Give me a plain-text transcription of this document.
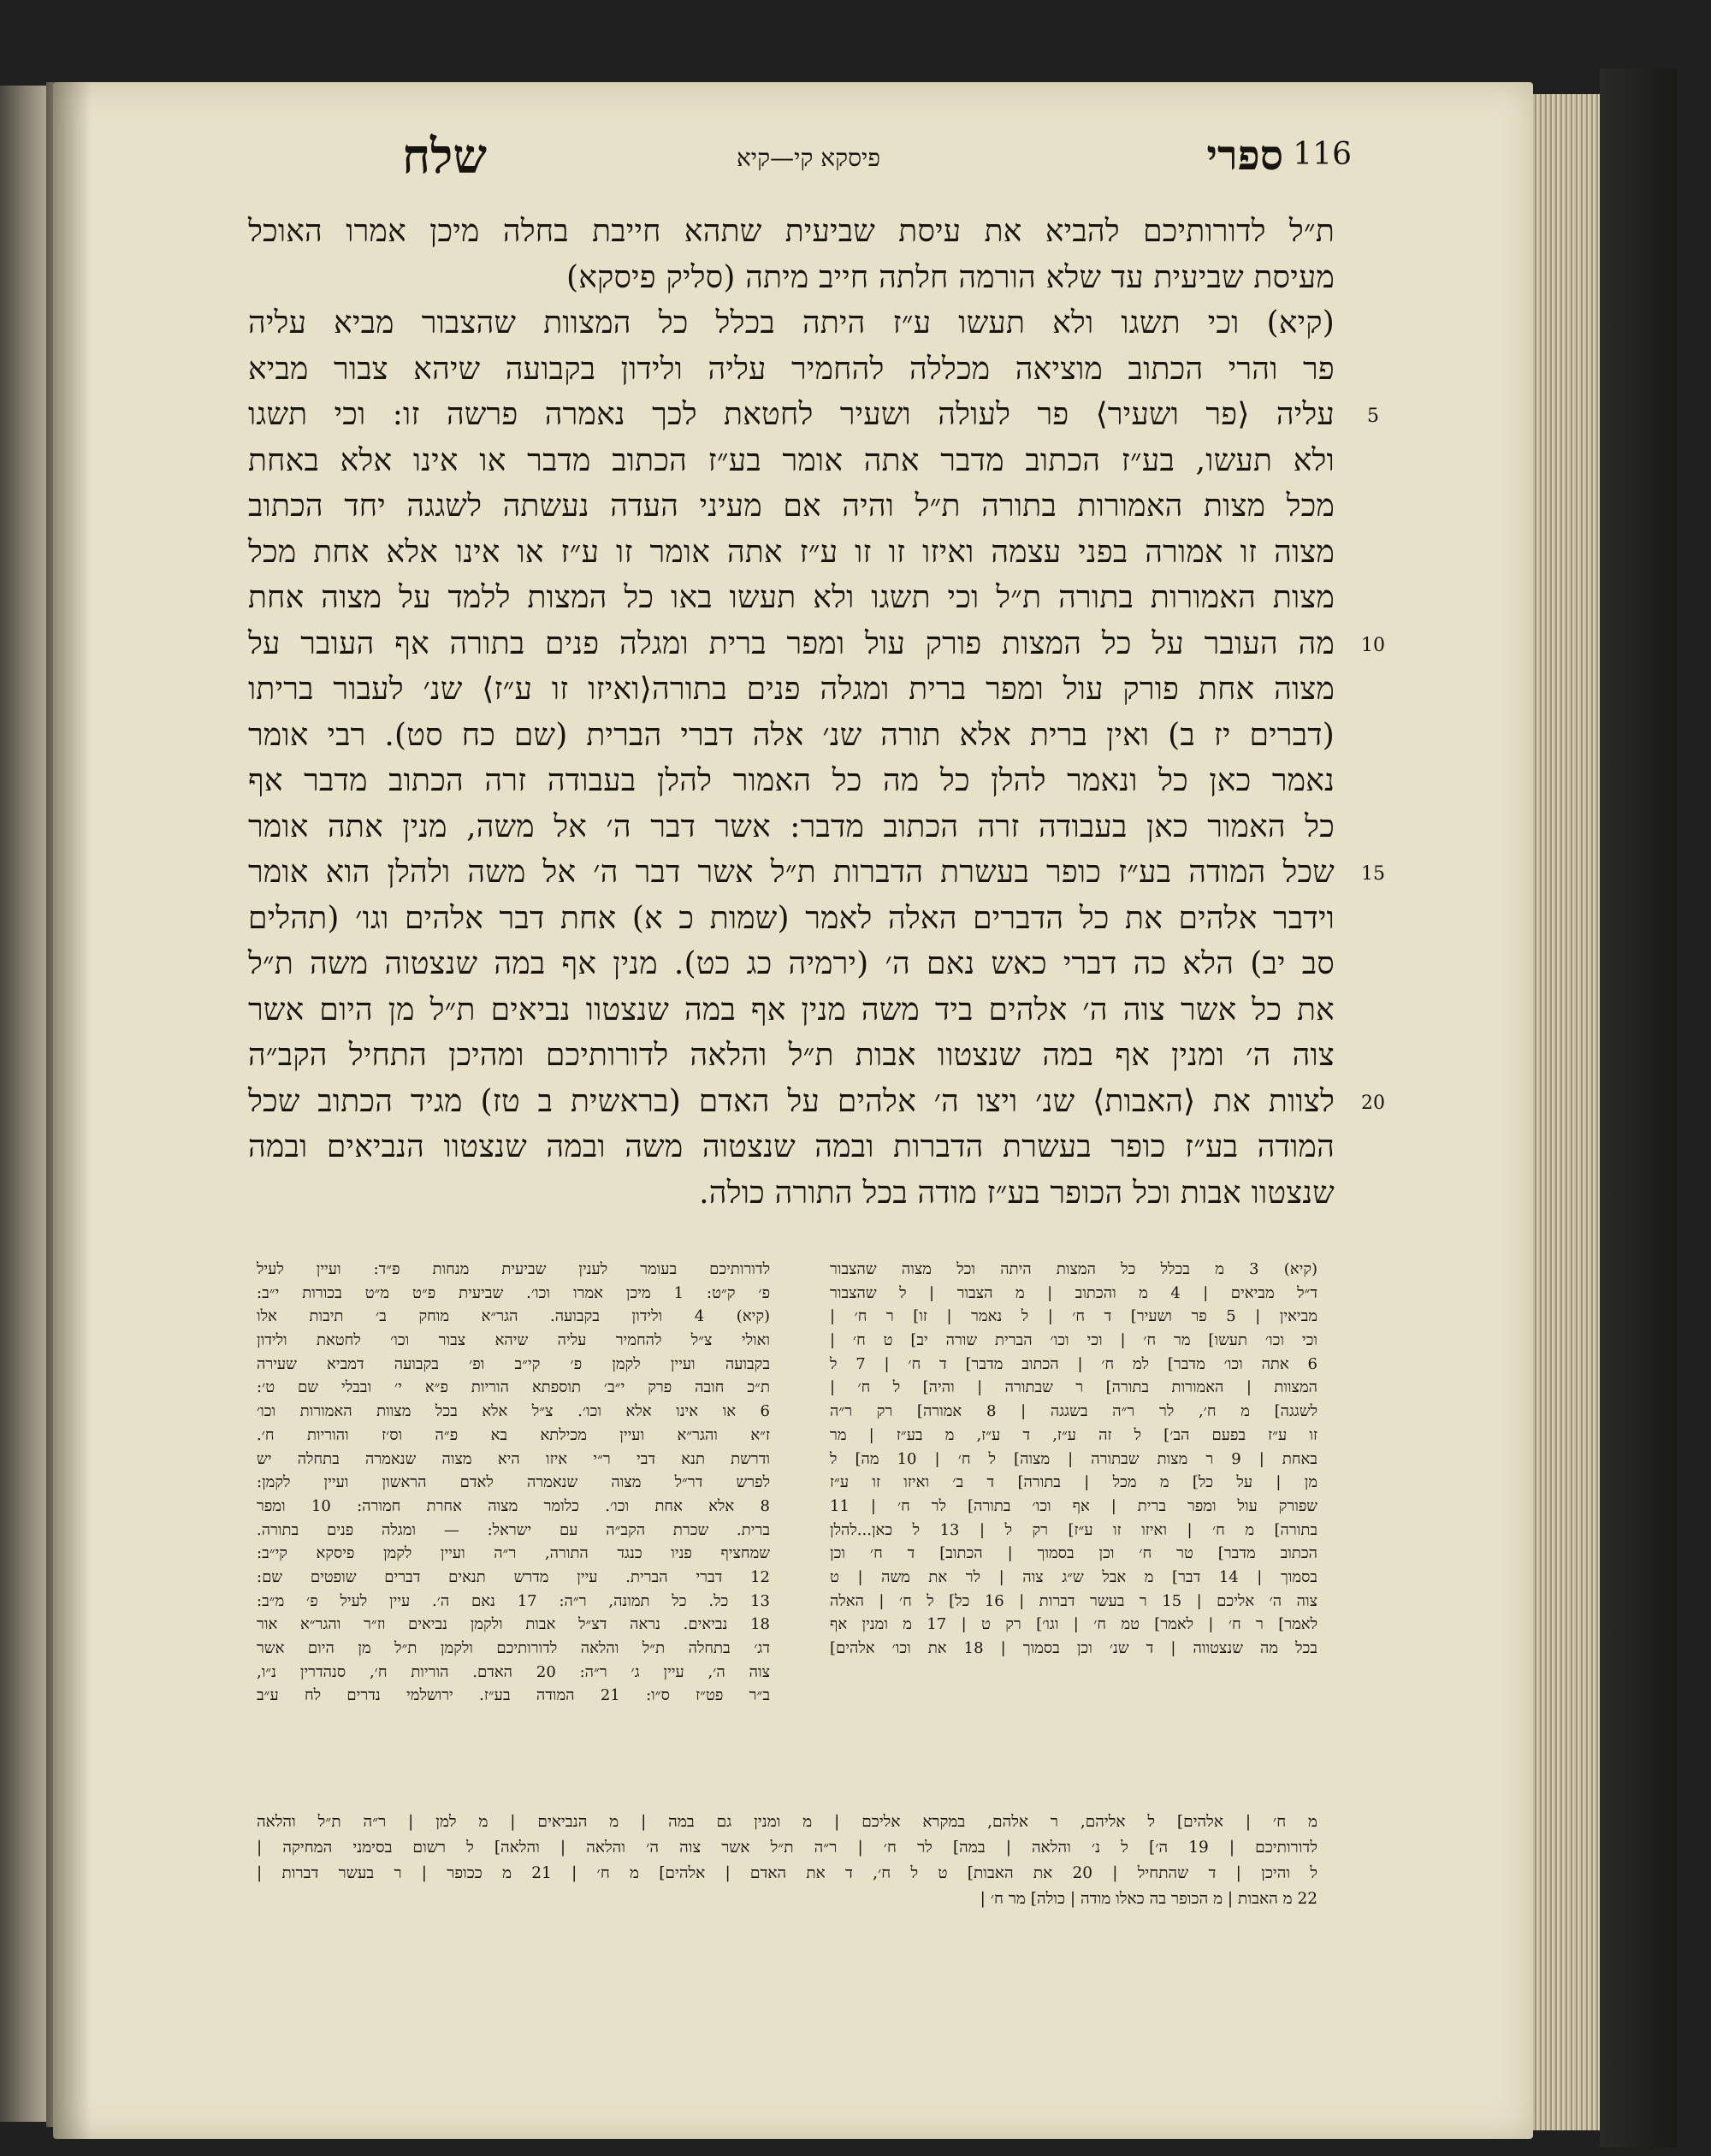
שלח	פיסקא קי—קיא	ספרי 116
ת״ל לדורותיכם להביא את עיסת שביעית שתהא חייבת בחלה מיכן אמרו האוכל
מעיסת שביעית עד שלא הורמה חלתה חייב מיתה (סליק פיסקא)
(קיא) וכי תשגו ולא תעשו ע״ז היתה בכלל כל המצוות שהצבור מביא עליה
פר והרי הכתוב מוציאה מכללה להחמיר עליה ולידון בקבועה שיהא צבור מביא
עליה ⟨פר ושעיר⟩ פר לעולה ושעיר לחטאת לכך נאמרה פרשה זו: וכי תשגו
ולא תעשו, בע״ז הכתוב מדבר אתה אומר בע״ז הכתוב מדבר או אינו אלא באחת
מכל מצות האמורות בתורה ת״ל והיה אם מעיני העדה נעשתה לשגגה יחד הכתוב
מצוה זו אמורה בפני עצמה ואיזו זו זו ע״ז אתה אומר זו ע״ז או אינו אלא אחת מכל
מצות האמורות בתורה ת״ל וכי תשגו ולא תעשו באו כל המצות ללמד על מצוה אחת
מה העובר על כל המצות פורק עול ומפר ברית ומגלה פנים בתורה אף העובר על
מצוה אחת פורק עול ומפר ברית ומגלה פנים בתורה⟨ואיזו זו ע״ז⟩ שנ׳ לעבור בריתו
(דברים יז ב) ואין ברית אלא תורה שנ׳ אלה דברי הברית (שם כח סט). רבי אומר
נאמר כאן כל ונאמר להלן כל מה כל האמור להלן בעבודה זרה הכתוב מדבר אף
כל האמור כאן בעבודה זרה הכתוב מדבר: אשר דבר ה׳ אל משה, מנין אתה אומר
שכל המודה בע״ז כופר בעשרת הדברות ת״ל אשר דבר ה׳ אל משה ולהלן הוא אומר
וידבר אלהים את כל הדברים האלה לאמר (שמות כ א) אחת דבר אלהים וגו׳ (תהלים
סב יב) הלא כה דברי כאש נאם ה׳ (ירמיה כג כט). מנין אף במה שנצטוה משה ת״ל
את כל אשר צוה ה׳ אלהים ביד משה מנין אף במה שנצטוו נביאים ת״ל מן היום אשר
צוה ה׳ ומנין אף במה שנצטוו אבות ת״ל והלאה לדורותיכם ומהיכן התחיל הקב״ה
לצוות את ⟨האבות⟩ שנ׳ ויצו ה׳ אלהים על האדם (בראשית ב טז) מגיד הכתוב שכל
המודה בע״ז כופר בעשרת הדברות ובמה שנצטוה משה ובמה שנצטוו הנביאים ובמה
שנצטוו אבות וכל הכופר בע״ז מודה בכל התורה כולה.
5
10
15
20
לדורותיכם בעומר לענין שביעית מנחות פ״ד: ועיין לעיל
פ׳ ק״ט: 1 מיכן אמרו וכו׳. שביעית פ״ט מ״ט בכורות י״ב:
(קיא) 4 ולידון בקבועה. הגר״א מוחק ב׳ תיבות אלו
ואולי צ״ל להחמיר עליה שיהא צבור וכו׳ לחטאת ולידון
בקבועה ועיין לקמן פ׳ קי״ב ופ׳ בקבועה דמביא שעירה
ת״כ חובה פרק י״ב׳ תוספתא הוריות פ״א י׳ ובבלי שם ט׳:
6 או אינו אלא וכו׳. צ״ל אלא בכל מצוות האמורות וכו׳
ז״א והגר״א ועיין מכילתא בא פ״ה וס׳ז והוריות ח׳.
ודרשת תנא דבי ר״י איזו היא מצוה שנאמרה בתחלה יש
לפרש דר״ל מצוה שנאמרה לאדם הראשון ועיין לקמן:
8 אלא אחת וכו׳. כלומר מצוה אחרת חמורה: 10 ומפר
ברית. שכרת הקב״ה עם ישראל: — ומגלה פנים בתורה.
שמחציף פניו כנגד התורה, ר״ה ועיין לקמן פיסקא קי״ב:
12 דברי הברית. עיין מדרש תנאים דברים שופטים שם:
13 כל. כל תמונה, ר״ה: 17 נאם ה׳. עיין לעיל פ׳ מ״ב:
18 נביאים. נראה דצ״ל אבות ולקמן נביאים וז״ר והגר״א אור
דג׳ בתחלה ת״ל והלאה לדורותיכם ולקמן ת״ל מן היום אשר
צוה ה׳, עיין ג׳ ר״ה: 20 האדם. הוריות ח׳, סנהדרין נ״ו,
ב״ר פט״ז ס״ו: 21 המודה בע״ז. ירושלמי נדרים לח ע״ב
(קיא) 3 מ בכלל כל המצות היתה וכל מצוה שהצבור
ד״ל מביאים | 4 מ והכתוב | מ הצבור | ל שהצבור
מביאין | 5 פר ושעיר] ד ח׳ | ל נאמר | זו] ר ח׳ |
וכי וכו׳ תעשו] מר ח׳ | וכי וכו׳ הברית שורה יב] ט ח׳ |
6 אתה וכו׳ מדבר] למ ח׳ | הכתוב מדבר] ד ח׳ | 7 ל
המצוות | האמורות בתורה] ר שבתורה | והיה] ל ח׳ |
לשגגה] מ ח׳, לר ר״ה בשגגה | 8 אמורה] רק ר״ה
זו ע״ז בפעם הב׳] ל זה ע״ז, ד ע״ז, מ בע״ז | מר
באחת | 9 ר מצות שבתורה | מצוה] ל ח׳ | 10 מה] ל
מן | על כל] מ מכל | בתורה] ד ב׳ ואיזו זו ע״ז
שפורק עול ומפר ברית | אף וכו׳ בתורה] לר ח׳ | 11
בתורה] מ ח׳ | ואיזו זו ע״ז] רק ל | 13 ל כאן...להלן
הכתוב מדבר] טר ח׳ וכן בסמוך | הכתוב] ד ח׳ וכן
בסמוך | 14 דבר] מ אבל ש״ג צוה | לר את משה | ט
צוה ה׳ אליכם | 15 ר בעשר דברות | 16 כל] ל ח׳ | האלה
לאמר] ר ח׳ | לאמר] טמ ח׳ | וגו׳] רק ט | 17 מ ומנין אף
בכל מה שנצטווה | ד שנ׳ וכן בסמוך | 18 את וכו׳ אלהים]
מ ח׳ | אלהים] ל אליהם, ר אלהם, במקרא אליכם | מ ומנין גם במה | מ הנביאים | מ למן | ר״ה ת״ל והלאה
לדורותיכם | 19 ה׳] ל נ׳ והלאה | במה] לר ח׳ | ר״ה ת״ל אשר צוה ה׳ והלאה | והלאה] ל רשום בסימני המחיקה |
ל והיכן | ד שהתחיל | 20 את האבות] ט ל ח׳, ד את האדם | אלהים] מ ח׳ | 21 מ ככופר | ר בעשר דברות |
22 מ האבות | מ הכופר בה כאלו מודה | כולה] מר ח׳ |
